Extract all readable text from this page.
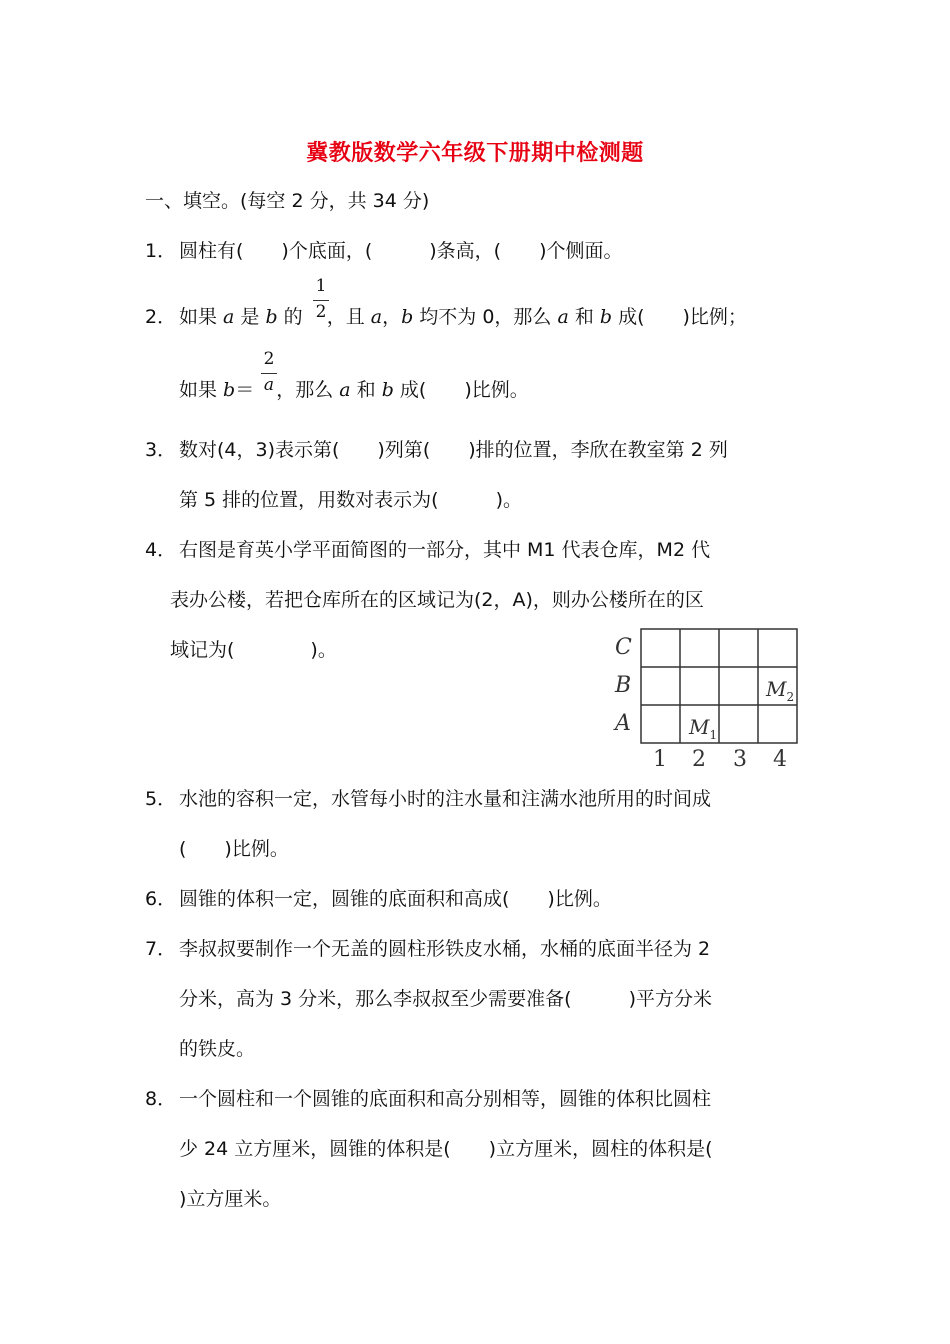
冀教版数学六年级下册期中检测题
一、填空。(每空 2 分，共 34 分)
1． 圆柱有(　　)个底面，(　　　)条高，(　　)个侧面。
2． 如果 a 是 b 的 ，且 a，b 均不为 0，那么 a 和 b 成(　　)比例；
1
2
如果 b＝ ，那么 a 和 b 成(　　)比例。
2
a
3． 数对(4，3)表示第(　　)列第(　　)排的位置，李欣在教室第 2 列
第 5 排的位置，用数对表示为(　　　)。
4． 右图是育英小学平面简图的一部分，其中 M1 代表仓库，M2 代
表办公楼，若把仓库所在的区域记为(2，A)，则办公楼所在的区
域记为(　　　　)。	C
B
A
1 2 3 4
$M_1$
$M_2$
5． 水池的容积一定，水管每小时的注水量和注满水池所用的时间成
(　　)比例。
6． 圆锥的体积一定，圆锥的底面积和高成(　　)比例。
7． 李叔叔要制作一个无盖的圆柱形铁皮水桶，水桶的底面半径为 2
分米，高为 3 分米，那么李叔叔至少需要准备(　　　)平方分米
的铁皮。
8． 一个圆柱和一个圆锥的底面积和高分别相等，圆锥的体积比圆柱
少 24 立方厘米，圆锥的体积是(　　)立方厘米，圆柱的体积是(
)立方厘米。
